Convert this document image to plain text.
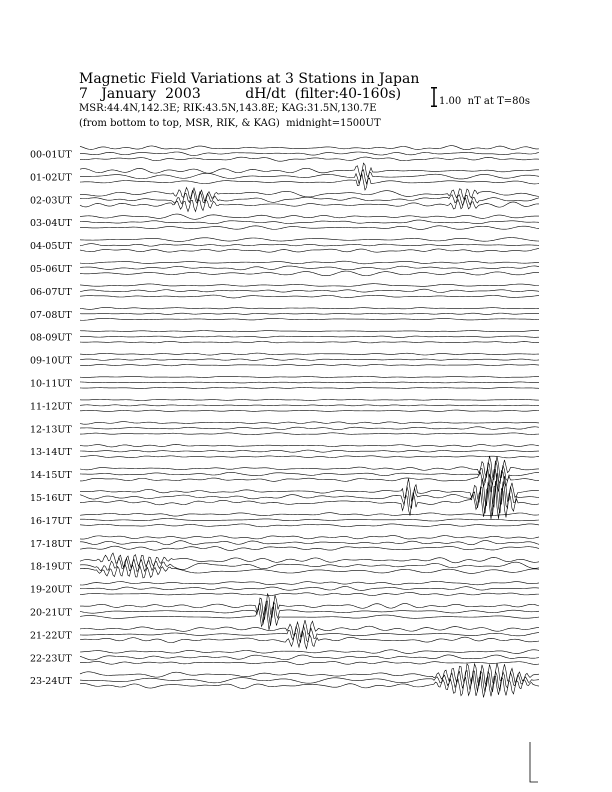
Magnetic Field Variations at 3 Stations in Japan
7   January  2003          dH/dt  (filter:40-160s)
MSR:44.4N,142.3E; RIK:43.5N,143.8E; KAG:31.5N,130.7E
(from bottom to top, MSR, RIK, & KAG)  midnight=1500UT
1.00  nT at T=80s
00-01UT
01-02UT
02-03UT
03-04UT
04-05UT
05-06UT
06-07UT
07-08UT
08-09UT
09-10UT
10-11UT
11-12UT
12-13UT
13-14UT
14-15UT
15-16UT
16-17UT
17-18UT
18-19UT
19-20UT
20-21UT
21-22UT
22-23UT
23-24UT
